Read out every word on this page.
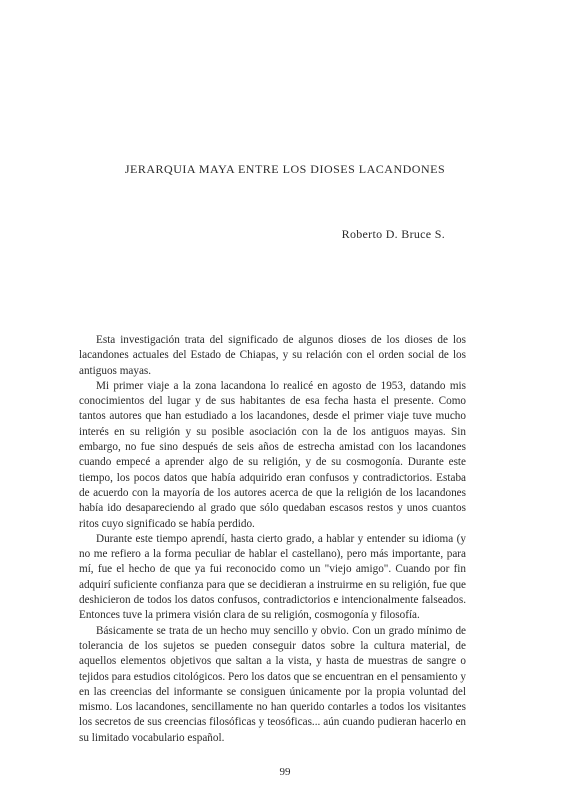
JERARQUIA MAYA ENTRE LOS DIOSES LACANDONES
Roberto D. Bruce S.

Esta investigación trata del significado de algunos dioses de los dioses de los lacandones actuales del Estado de Chiapas, y su relación con el orden social de los antiguos mayas.

Mi primer viaje a la zona lacandona lo realicé en agosto de 1953, datando mis conocimientos del lugar y de sus habitantes de esa fecha hasta el presente. Como tantos autores que han estudiado a los lacandones, desde el primer viaje tuve mucho interés en su religión y su posible asociación con la de los antiguos mayas. Sin embargo, no fue sino después de seis años de estrecha amistad con los lacandones cuando empecé a aprender algo de su religión, y de su cosmogonía. Durante este tiempo, los pocos datos que había adquirido eran confusos y contradictorios. Estaba de acuerdo con la mayoría de los autores acerca de que la religión de los lacandones había ido desapareciendo al grado que sólo quedaban escasos restos y unos cuantos ritos cuyo significado se había perdido.

Durante este tiempo aprendí, hasta cierto grado, a hablar y entender su idioma (y no me refiero a la forma peculiar de hablar el castellano), pero más importante, para mí, fue el hecho de que ya fui reconocido como un "viejo amigo". Cuando por fin adquirí suficiente confianza para que se decidieran a instruirme en su religión, fue que deshicieron de todos los datos confusos, contradictorios e intencionalmente falseados. Entonces tuve la primera visión clara de su religión, cosmogonía y filosofía.

Básicamente se trata de un hecho muy sencillo y obvio. Con un grado mínimo de tolerancia de los sujetos se pueden conseguir datos sobre la cultura material, de aquellos elementos objetivos que saltan a la vista, y hasta de muestras de sangre o tejidos para estudios citológicos. Pero los datos que se encuentran en el pensamiento y en las creencias del informante se consiguen únicamente por la propia voluntad del mismo. Los lacandones, sencillamente no han querido contarles a todos los visitantes los secretos de sus creencias filosóficas y teosóficas... aún cuando pudieran hacerlo en su limitado vocabulario español.

99
